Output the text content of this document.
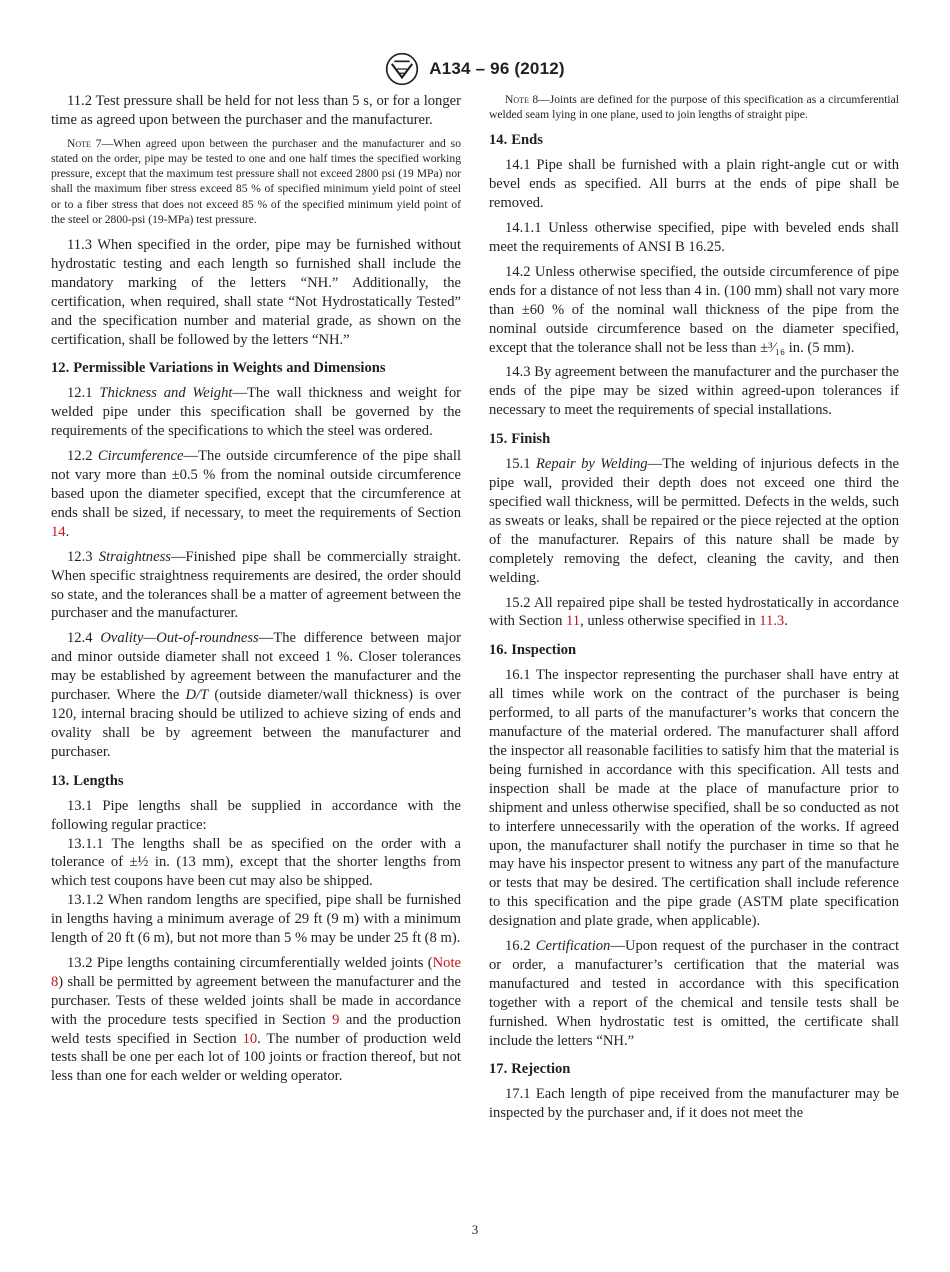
A134 – 96 (2012)

11.2 Test pressure shall be held for not less than 5 s, or for a longer time as agreed upon between the purchaser and the manufacturer.

Note 7—When agreed upon between the purchaser and the manufacturer and so stated on the order, pipe may be tested to one and one half times the specified working pressure, except that the maximum test pressure shall not exceed 2800 psi (19 MPa) nor shall the maximum fiber stress exceed 85 % of specified minimum yield point of steel or to a fiber stress that does not exceed 85 % of the specified minimum yield point of the steel or 2800-psi (19-MPa) test pressure.

11.3 When specified in the order, pipe may be furnished without hydrostatic testing and each length so furnished shall include the mandatory marking of the letters “NH.” Additionally, the certification, when required, shall state “Not Hydrostatically Tested” and the specification number and material grade, as shown on the certification, shall be followed by the letters “NH.”

12. Permissible Variations in Weights and Dimensions

12.1 Thickness and Weight—The wall thickness and weight for welded pipe under this specification shall be governed by the requirements of the specifications to which the steel was ordered.

12.2 Circumference—The outside circumference of the pipe shall not vary more than ±0.5 % from the nominal outside circumference based upon the diameter specified, except that the circumference at ends shall be sized, if necessary, to meet the requirements of Section 14.

12.3 Straightness—Finished pipe shall be commercially straight. When specific straightness requirements are desired, the order should so state, and the tolerances shall be a matter of agreement between the purchaser and the manufacturer.

12.4 Ovality—Out-of-roundness—The difference between major and minor outside diameter shall not exceed 1 %. Closer tolerances may be established by agreement between the manufacturer and the purchaser. Where the D/T (outside diameter/wall thickness) is over 120, internal bracing should be utilized to achieve sizing of ends and ovality shall be by agreement between the manufacturer and purchaser.

13. Lengths

13.1 Pipe lengths shall be supplied in accordance with the following regular practice:

13.1.1 The lengths shall be as specified on the order with a tolerance of ±½ in. (13 mm), except that the shorter lengths from which test coupons have been cut may also be shipped.

13.1.2 When random lengths are specified, pipe shall be furnished in lengths having a minimum average of 29 ft (9 m) with a minimum length of 20 ft (6 m), but not more than 5 % may be under 25 ft (8 m).

13.2 Pipe lengths containing circumferentially welded joints (Note 8) shall be permitted by agreement between the manufacturer and the purchaser. Tests of these welded joints shall be made in accordance with the procedure tests specified in Section 9 and the production weld tests specified in Section 10. The number of production weld tests shall be one per each lot of 100 joints or fraction thereof, but not less than one for each welder or welding operator.

Note 8—Joints are defined for the purpose of this specification as a circumferential welded seam lying in one plane, used to join lengths of straight pipe.

14. Ends

14.1 Pipe shall be furnished with a plain right-angle cut or with bevel ends as specified. All burrs at the ends of pipe shall be removed.

14.1.1 Unless otherwise specified, pipe with beveled ends shall meet the requirements of ANSI B 16.25.

14.2 Unless otherwise specified, the outside circumference of pipe ends for a distance of not less than 4 in. (100 mm) shall not vary more than ±60 % of the nominal wall thickness of the pipe from the nominal outside circumference based on the diameter specified, except that the tolerance shall not be less than ±³⁄₁₆ in. (5 mm).

14.3 By agreement between the manufacturer and the purchaser the ends of the pipe may be sized within agreed-upon tolerances if necessary to meet the requirements of special installations.

15. Finish

15.1 Repair by Welding—The welding of injurious defects in the pipe wall, provided their depth does not exceed one third the specified wall thickness, will be permitted. Defects in the welds, such as sweats or leaks, shall be repaired or the piece rejected at the option of the manufacturer. Repairs of this nature shall be made by completely removing the defect, cleaning the cavity, and then welding.

15.2 All repaired pipe shall be tested hydrostatically in accordance with Section 11, unless otherwise specified in 11.3.

16. Inspection

16.1 The inspector representing the purchaser shall have entry at all times while work on the contract of the purchaser is being performed, to all parts of the manufacturer’s works that concern the manufacture of the material ordered. The manufacturer shall afford the inspector all reasonable facilities to satisfy him that the material is being furnished in accordance with this specification. All tests and inspection shall be made at the place of manufacture prior to shipment and unless otherwise specified, shall be so conducted as not to interfere unnecessarily with the operation of the works. If agreed upon, the manufacturer shall notify the purchaser in time so that he may have his inspector present to witness any part of the manufacture or tests that may be desired. The certification shall include reference to this specification and the pipe grade (ASTM plate specification designation and plate grade, when applicable).

16.2 Certification—Upon request of the purchaser in the contract or order, a manufacturer’s certification that the material was manufactured and tested in accordance with this specification together with a report of the chemical and tensile tests shall be furnished. When hydrostatic test is omitted, the certificate shall include the letters “NH.”

17. Rejection

17.1 Each length of pipe received from the manufacturer may be inspected by the purchaser and, if it does not meet the

3
